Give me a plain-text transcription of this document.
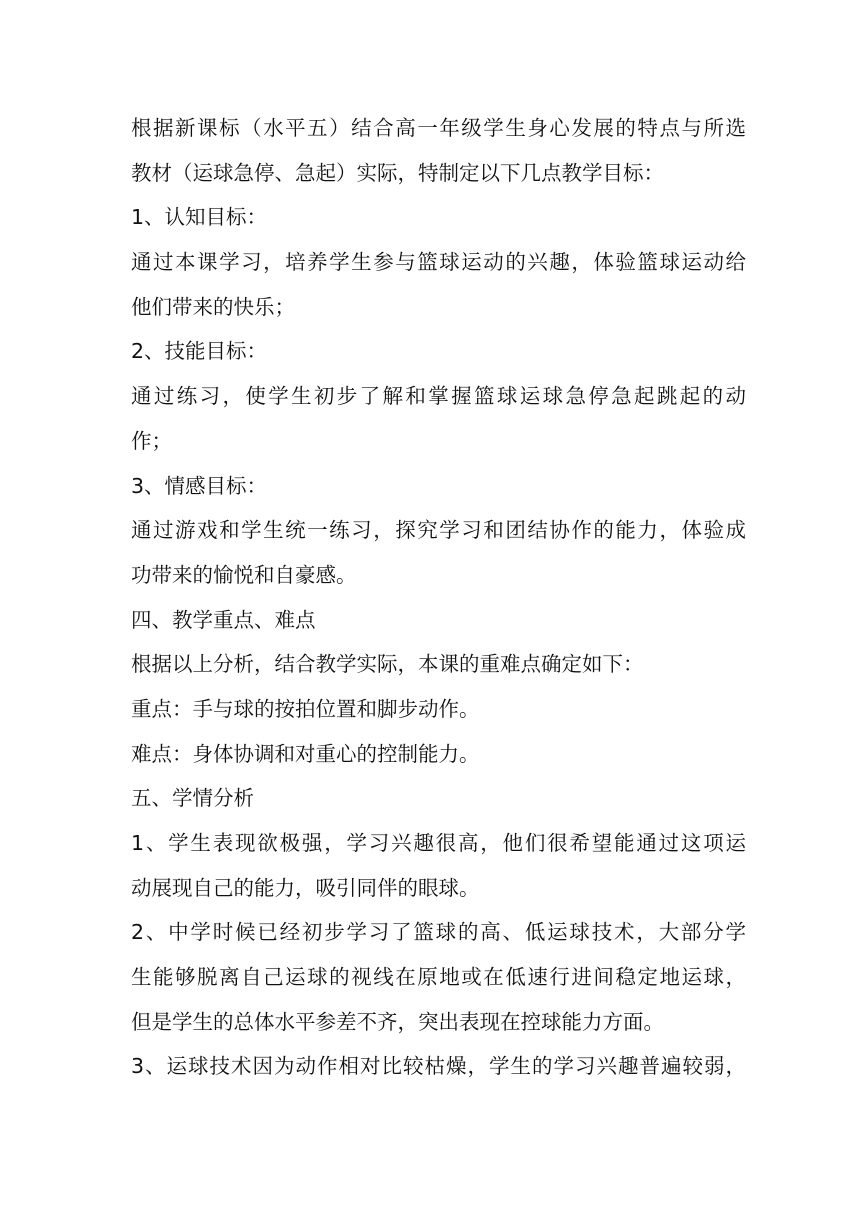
根据新课标（水平五）结合高一年级学生身心发展的特点与所选
教材（运球急停、急起）实际，特制定以下几点教学目标：
1、认知目标：
通过本课学习，培养学生参与篮球运动的兴趣，体验篮球运动给
他们带来的快乐；
2、技能目标：
通过练习，使学生初步了解和掌握篮球运球急停急起跳起的动
作；
3、情感目标：
通过游戏和学生统一练习，探究学习和团结协作的能力，体验成
功带来的愉悦和自豪感。
四、教学重点、难点
根据以上分析，结合教学实际，本课的重难点确定如下：
重点：手与球的按拍位置和脚步动作。
难点：身体协调和对重心的控制能力。
五、学情分析
1、学生表现欲极强，学习兴趣很高，他们很希望能通过这项运
动展现自己的能力，吸引同伴的眼球。
2、中学时候已经初步学习了篮球的高、低运球技术，大部分学
生能够脱离自己运球的视线在原地或在低速行进间稳定地运球，
但是学生的总体水平参差不齐，突出表现在控球能力方面。
3、运球技术因为动作相对比较枯燥，学生的学习兴趣普遍较弱，
